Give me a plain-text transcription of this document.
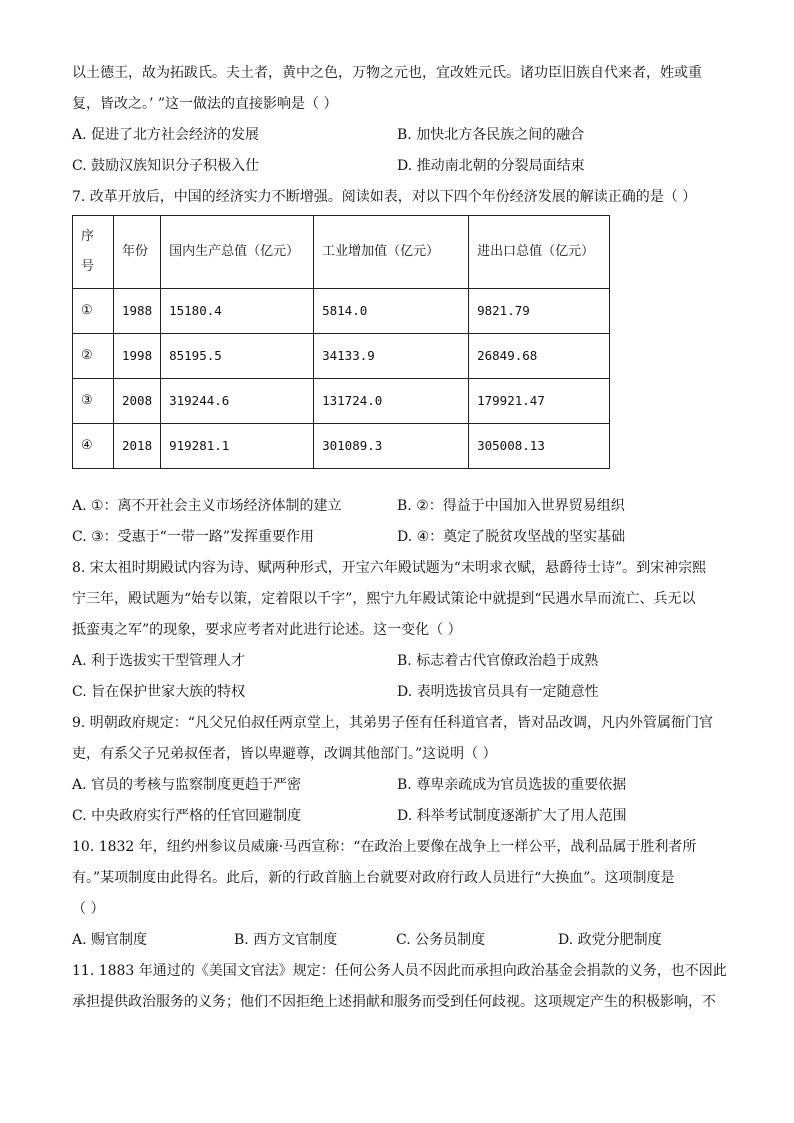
以土德王，故为拓跋氏。夫土者，黄中之色，万物之元也，宜改姓元氏。诸功臣旧族自代来者，姓或重

复，皆改之。’ ”这一做法的直接影响是（ ）

A. 促进了北方社会经济的发展	B. 加快北方各民族之间的融合
C. 鼓励汉族知识分子积极入仕	D. 推动南北朝的分裂局面结束

7. 改革开放后，中国的经济实力不断增强。阅读如表，对以下四个年份经济发展的解读正确的是（ ）

序号	年份	国内生产总值（亿元）	工业增加值（亿元）	进出口总值（亿元）
①	1988	15180.4	5814.0	9821.79
②	1998	85195.5	34133.9	26849.68
③	2008	319244.6	131724.0	179921.47
④	2018	919281.1	301089.3	305008.13
A. ①：离不开社会主义市场经济体制的建立	B. ②：得益于中国加入世界贸易组织
C. ③：受惠于“一带一路”发挥重要作用	D. ④：奠定了脱贫攻坚战的坚实基础

8. 宋太祖时期殿试内容为诗、赋两种形式，开宝六年殿试题为“未明求衣赋，悬爵待士诗”。到宋神宗熙

宁三年，殿试题为“始专以策，定着限以千字”，熙宁九年殿试策论中就提到“民遇水旱而流亡、兵无以

抵蛮夷之军”的现象，要求应考者对此进行论述。这一变化（ ）

A. 利于选拔实干型管理人才	B. 标志着古代官僚政治趋于成熟
C. 旨在保护世家大族的特权	D. 表明选拔官员具有一定随意性

9. 明朝政府规定：“凡父兄伯叔任两京堂上，其弟男子侄有任科道官者，皆对品改调，凡内外管属衙门官

吏，有系父子兄弟叔侄者，皆以卑避尊，改调其他部门。”这说明（ ）

A. 官员的考核与监察制度更趋于严密	B. 尊卑亲疏成为官员选拔的重要依据
C. 中央政府实行严格的任官回避制度	D. 科举考试制度逐渐扩大了用人范围

10. 1832 年，纽约州参议员威廉·马西宣称：“在政治上要像在战争上一样公平，战利品属于胜利者所

有。”某项制度由此得名。此后，新的行政首脑上台就要对政府行政人员进行“大换血”。这项制度是

（ ）

A. 赐官制度	B. 西方文官制度	C. 公务员制度	D. 政党分肥制度

11. 1883 年通过的《美国文官法》规定：任何公务人员不因此而承担向政治基金会捐款的义务，也不因此

承担提供政治服务的义务；他们不因拒绝上述捐献和服务而受到任何歧视。这项规定产生的积极影响，不
